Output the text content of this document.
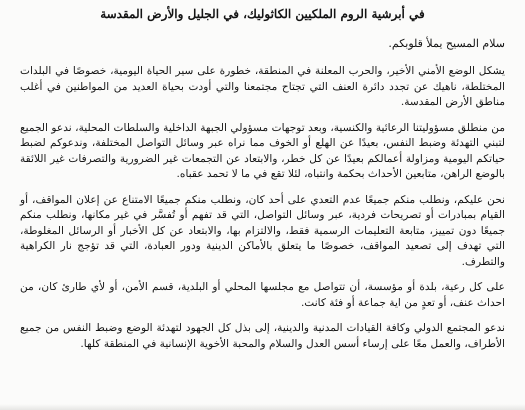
في أبرشية الروم الملكيين الكاثوليك، في الجليل والأرض المقدسة
سلام المسيح يملأ قلوبكم.

يشكل الوضع الأمني الأخير، والحرب المعلنة في المنطقة، خطورة على سير الحياة اليومية، خصوصًا في البلدات المختلطة، ناهيك عن تجدد دائرة العنف التي تجتاح مجتمعنا والتي أودت بحياة العديد من المواطنين في أغلب مناطق الأرض المقدسة.

من منطلق مسؤوليتنا الرعائية والكنسية، وبعد توجهات مسؤولي الجبهة الداخلية والسلطات المحلية، ندعو الجميع لتبني التهدئة وضبط النفس، بعيدًا عن الهلع أو الخوف مما نراه عبر وسائل التواصل المختلفة، وندعوكم لضبط حياتكم اليومية ومزاولة أعمالكم بعيدًا عن كل خطر، والابتعاد عن التجمعات غير الضرورية والتصرفات غير اللائقة بالوضع الراهن، متابعين الأحداث بحكمة وانتباه، لئلا تقع في ما لا تحمد عقباه.

نحن عليكم، ونطلب منكم جميعًا عدم التعدي على أحد كان، ونطلب منكم جميعًا الامتناع عن إعلان المواقف، أو القيام بمبادرات أو تصريحات فردية، عبر وسائل التواصل، التي قد تفهم أو تُفسَّر في غير مكانها، ونطلب منكم جميعًا دون تمييز، متابعة التعليمات الرسمية فقط، والالتزام بها، والابتعاد عن كل الأخبار أو الرسائل المغلوطة، التي تهدف إلى تصعيد المواقف، خصوصًا ما يتعلق بالأماكن الدينية ودور العبادة، التي قد تؤجج نار الكراهية والتطرف.

على كل رعية، بلدة أو مؤسسة، أن تتواصل مع مجلسها المحلي أو البلدية، قسم الأمن، أو لأي طارئ كان، من احداث عنف، أو تعدٍ من اية جماعة أو فئة كانت.

ندعو المجتمع الدولي وكافة القيادات المدنية والدينية، إلى بذل كل الجهود لتهدئة الوضع وضبط النفس من جميع الأطراف، والعمل معًا على إرساء أسس العدل والسلام والمحبة الأخوية الإنسانية في المنطقة كلها.
